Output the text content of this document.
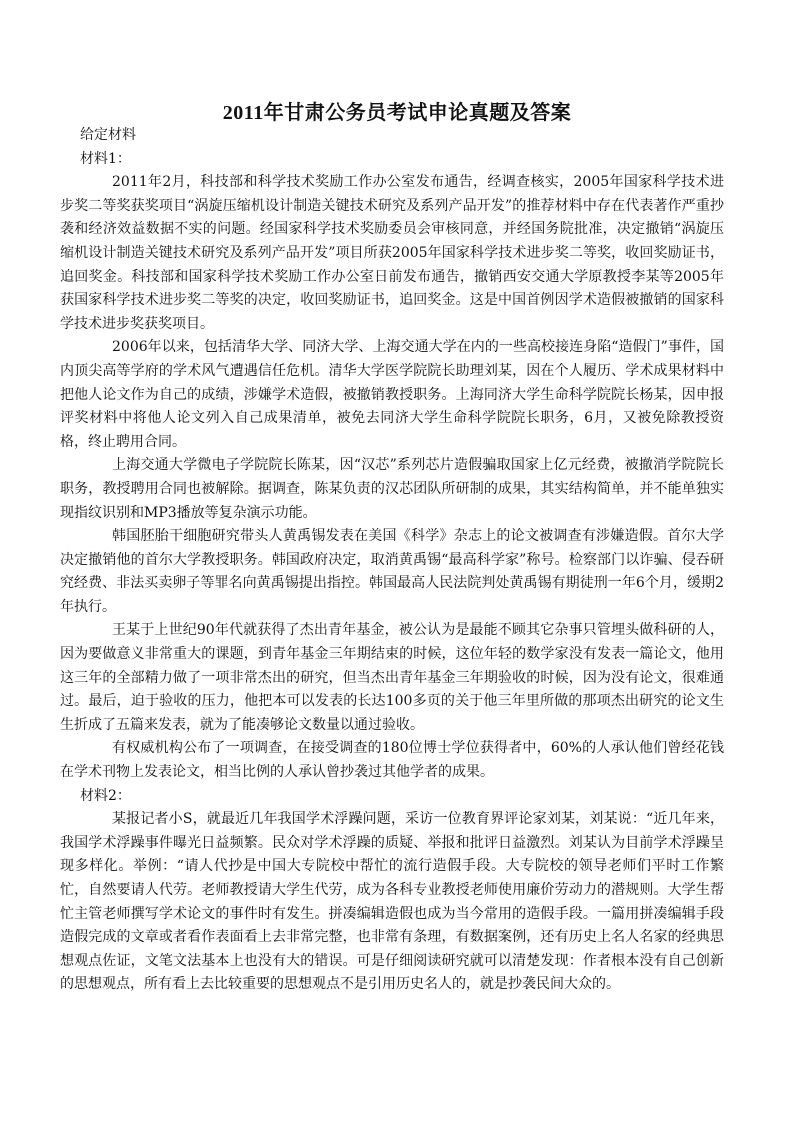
2011年甘肃公务员考试申论真题及答案

给定材料

材料1：

2011年2月，科技部和科学技术奖励工作办公室发布通告，经调查核实，2005年国家科学技术进步奖二等奖获奖项目“涡旋压缩机设计制造关键技术研究及系列产品开发”的推荐材料中存在代表著作严重抄袭和经济效益数据不实的问题。经国家科学技术奖励委员会审核同意，并经国务院批准，决定撤销“涡旋压缩机设计制造关键技术研究及系列产品开发”项目所获2005年国家科学技术进步奖二等奖，收回奖励证书，追回奖金。科技部和国家科学技术奖励工作办公室日前发布通告，撤销西安交通大学原教授李某等2005年获国家科学技术进步奖二等奖的决定，收回奖励证书，追回奖金。这是中国首例因学术造假被撤销的国家科学技术进步奖获奖项目。

2006年以来，包括清华大学、同济大学、上海交通大学在内的一些高校接连身陷“造假门”事件，国内顶尖高等学府的学术风气遭遇信任危机。清华大学医学院院长助理刘某，因在个人履历、学术成果材料中把他人论文作为自己的成绩，涉嫌学术造假，被撤销教授职务。上海同济大学生命科学院院长杨某，因申报评奖材料中将他人论文列入自己成果清单，被免去同济大学生命科学院院长职务，6月，又被免除教授资格，终止聘用合同。

上海交通大学微电子学院院长陈某，因“汉芯”系列芯片造假骗取国家上亿元经费，被撤消学院院长职务，教授聘用合同也被解除。据调查，陈某负责的汉芯团队所研制的成果，其实结构简单，并不能单独实现指纹识别和MP3播放等复杂演示功能。

韩国胚胎干细胞研究带头人黄禹锡发表在美国《科学》杂志上的论文被调查有涉嫌造假。首尔大学决定撤销他的首尔大学教授职务。韩国政府决定，取消黄禹锡“最高科学家”称号。检察部门以诈骗、侵吞研究经费、非法买卖卵子等罪名向黄禹锡提出指控。韩国最高人民法院判处黄禹锡有期徒刑一年6个月，缓期2年执行。

王某于上世纪90年代就获得了杰出青年基金，被公认为是最能不顾其它杂事只管埋头做科研的人，因为要做意义非常重大的课题，到青年基金三年期结束的时候，这位年轻的数学家没有发表一篇论文，他用这三年的全部精力做了一项非常杰出的研究，但当杰出青年基金三年期验收的时候，因为没有论文，很难通过。最后，迫于验收的压力，他把本可以发表的长达100多页的关于他三年里所做的那项杰出研究的论文生生折成了五篇来发表，就为了能凑够论文数量以通过验收。

有权威机构公布了一项调查，在接受调查的180位博士学位获得者中，60%的人承认他们曾经花钱在学术刊物上发表论文，相当比例的人承认曾抄袭过其他学者的成果。

材料2：

某报记者小S，就最近几年我国学术浮躁问题，采访一位教育界评论家刘某，刘某说：“近几年来，我国学术浮躁事件曝光日益频繁。民众对学术浮躁的质疑、举报和批评日益激烈。刘某认为目前学术浮躁呈现多样化。举例：“请人代抄是中国大专院校中帮忙的流行造假手段。大专院校的领导老师们平时工作繁忙，自然要请人代劳。老师教授请大学生代劳，成为各科专业教授老师使用廉价劳动力的潜规则。大学生帮忙主管老师撰写学术论文的事件时有发生。拼凑编辑造假也成为当今常用的造假手段。一篇用拼凑编辑手段造假完成的文章或者看作表面看上去非常完整，也非常有条理，有数据案例，还有历史上名人名家的经典思想观点佐证，文笔文法基本上也没有大的错误。可是仔细阅读研究就可以清楚发现：作者根本没有自己创新的思想观点，所有看上去比较重要的思想观点不是引用历史名人的，就是抄袭民间大众的。
